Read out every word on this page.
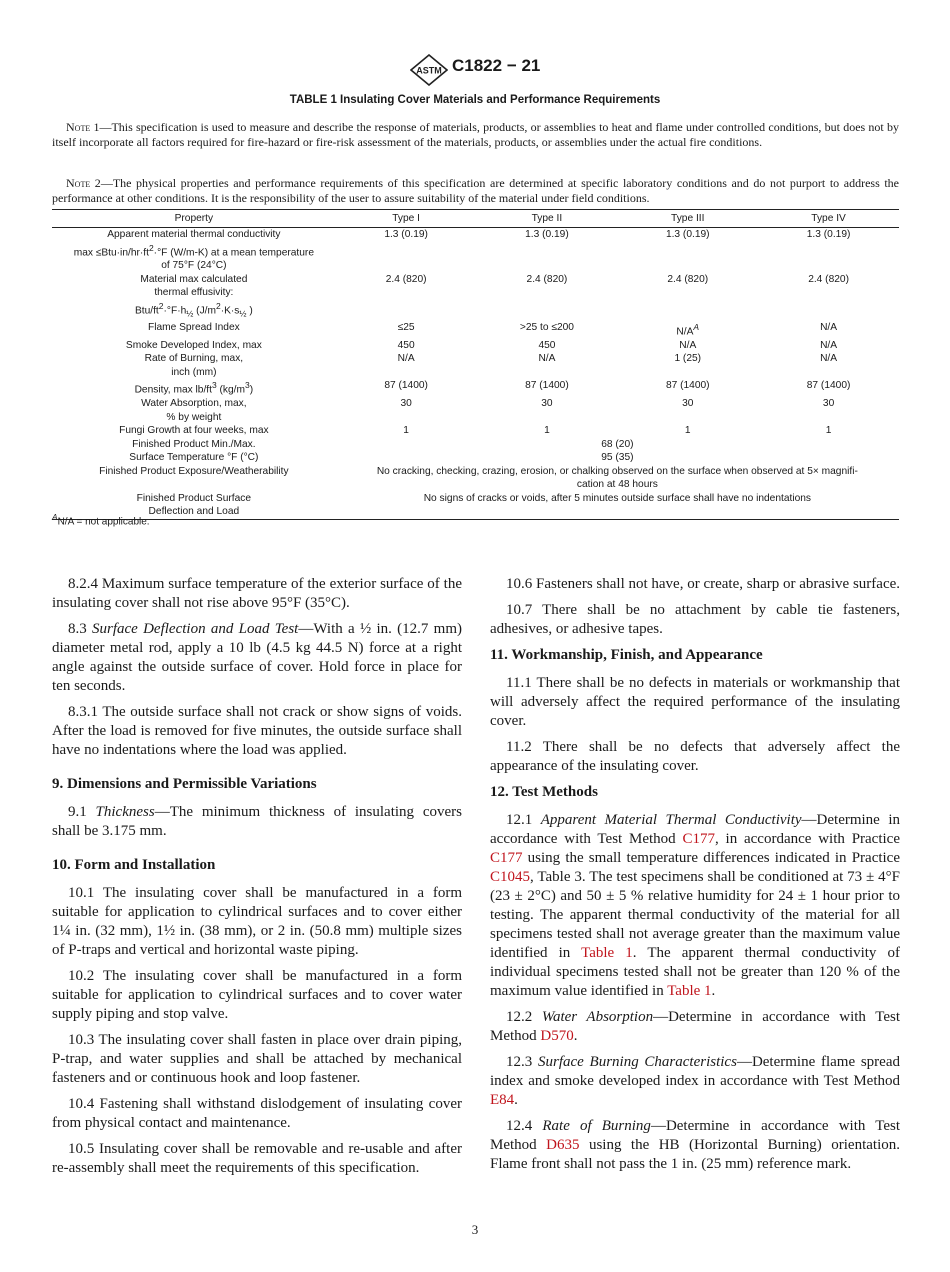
ASTM C1822 − 21
TABLE 1 Insulating Cover Materials and Performance Requirements
Note 1—This specification is used to measure and describe the response of materials, products, or assemblies to heat and flame under controlled conditions, but does not by itself incorporate all factors required for fire-hazard or fire-risk assessment of the materials, products, or assemblies under the actual fire conditions.
Note 2—The physical properties and performance requirements of this specification are determined at specific laboratory conditions and do not purport to address the performance at other conditions. It is the responsibility of the user to assure suitability of the material under field conditions.
Property	Type I	Type II	Type III	Type IV

Apparent material thermal conductivity
$\max \le Btu\cdot in/hr\cdot ft^2\cdot^\circ F$ (W/m-K) at a mean temperature
of 75°F (24°C)	1.3 (0.19)	1.3 (0.19)	1.3 (0.19)	1.3 (0.19)

Material max calculated
thermal effusivity:
Btu/$ft^2\cdot^\circ F\cdot h_{\frac{1}{2}}$ ($J/m^2\cdot K\cdot s_{\frac{1}{2}}$ )	2.4 (820)	2.4 (820)	2.4 (820)	2.4 (820)
Flame Spread Index	≤25	>25 to ≤200	$N/A^A$	N/A
Smoke Developed Index, max	450	450	N/A	N/A

Rate of Burning, max,
inch (mm)	N/A	N/A	1 (25)	N/A
Density, $\max lb/ft^3$ $(kg/m^3)$	87 (1400)	87 (1400)	87 (1400)	87 (1400)

Water Absorption, max,
% by weight	30	30	30	30
Fungi Growth at four weeks, max	1	1	1	1
Finished Product Min./Max.	68 (20)			
Surface Temperature °F (°C)	95 (35)			
Finished Product Exposure/Weatherability	No cracking, checking, crazing, erosion, or chalking observed on the surface when observed at 5× magnifi-
cation at 48 hours			

Finished Product Surface
Deflection and Load	No signs of cracks or voids, after 5 minutes outside surface shall have no indentations			
$^A$N/A = not applicable.

8.2.4 Maximum surface temperature of the exterior surface of the insulating cover shall not rise above 95°F (35°C).

8.3 Surface Deflection and Load Test—With a ½ in. (12.7 mm) diameter metal rod, apply a 10 lb (4.5 kg 44.5 N) force at a right angle against the outside surface of cover. Hold force in place for ten seconds.

8.3.1 The outside surface shall not crack or show signs of voids. After the load is removed for five minutes, the outside surface shall have no indentations where the load was applied.

9. Dimensions and Permissible Variations

9.1 Thickness—The minimum thickness of insulating covers shall be 3.175 mm.

10. Form and Installation

10.1 The insulating cover shall be manufactured in a form suitable for application to cylindrical surfaces and to cover either 1¼ in. (32 mm), 1½ in. (38 mm), or 2 in. (50.8 mm) multiple sizes of P-traps and vertical and horizontal waste piping.

10.2 The insulating cover shall be manufactured in a form suitable for application to cylindrical surfaces and to cover water supply piping and stop valve.

10.3 The insulating cover shall fasten in place over drain piping, P-trap, and water supplies and shall be attached by mechanical fasteners and or continuous hook and loop fastener.

10.4 Fastening shall withstand dislodgement of insulating cover from physical contact and maintenance.

10.5 Insulating cover shall be removable and re-usable and after re-assembly shall meet the requirements of this specification.

10.6 Fasteners shall not have, or create, sharp or abrasive surface.

10.7 There shall be no attachment by cable tie fasteners, adhesives, or adhesive tapes.

11. Workmanship, Finish, and Appearance

11.1 There shall be no defects in materials or workmanship that will adversely affect the required performance of the insulating cover.

11.2 There shall be no defects that adversely affect the appearance of the insulating cover.

12. Test Methods

12.1 Apparent Material Thermal Conductivity—Determine in accordance with Test Method C177, in accordance with Practice C177 using the small temperature differences indicated in Practice C1045, Table 3. The test specimens shall be conditioned at 73 ± 4°F (23 ± 2°C) and 50 ± 5 % relative humidity for 24 ± 1 hour prior to testing. The apparent thermal conductivity of the material for all specimens tested shall not average greater than the maximum value identified in Table 1. The apparent thermal conductivity of individual specimens tested shall not be greater than 120 % of the maximum value identified in Table 1.

12.2 Water Absorption—Determine in accordance with Test Method D570.

12.3 Surface Burning Characteristics—Determine flame spread index and smoke developed index in accordance with Test Method E84.

12.4 Rate of Burning—Determine in accordance with Test Method D635 using the HB (Horizontal Burning) orientation. Flame front shall not pass the 1 in. (25 mm) reference mark.

3
